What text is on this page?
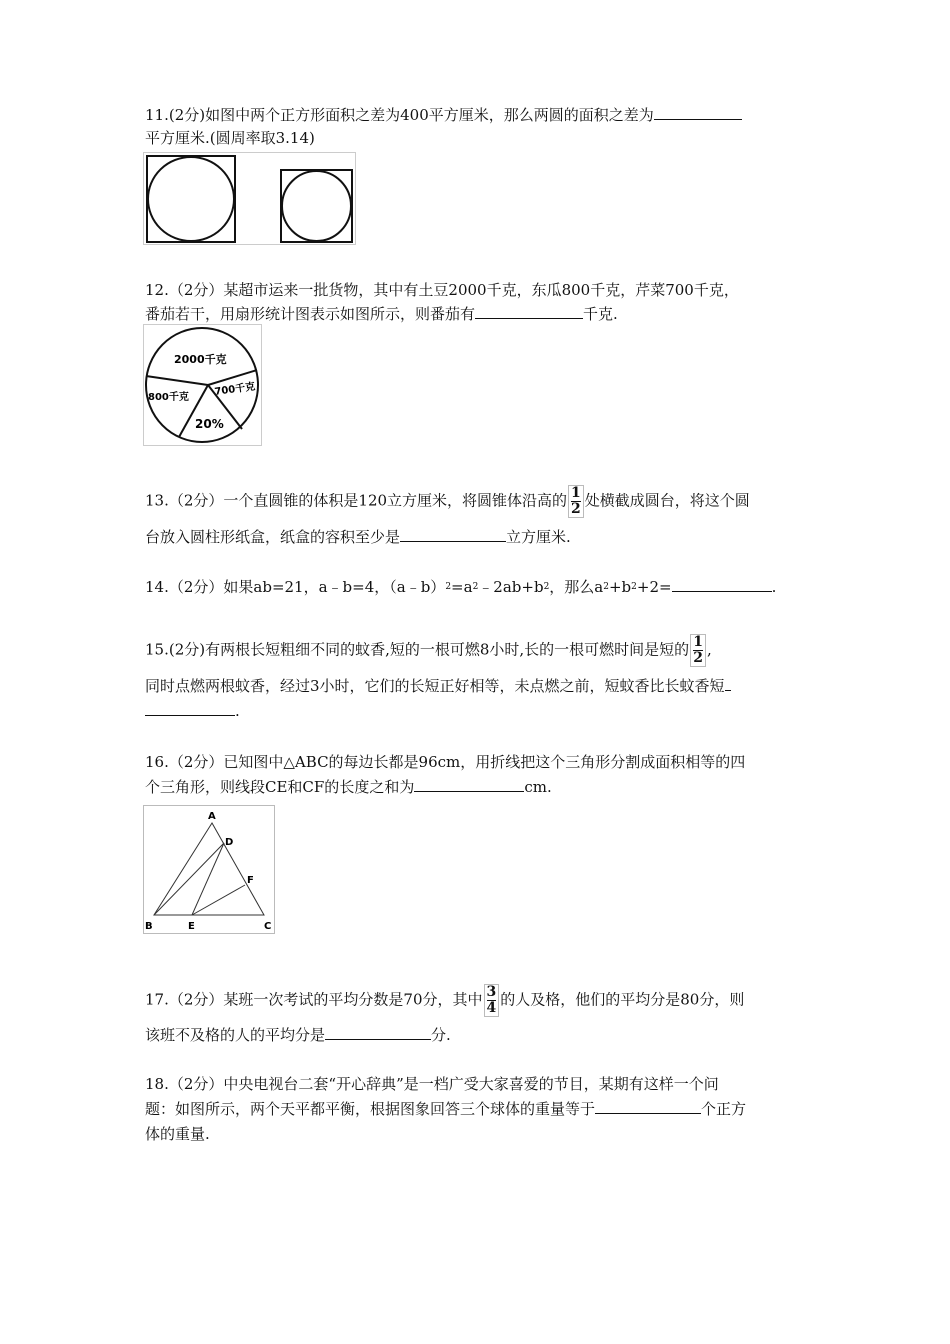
11.(2分)如图中两个正方形面积之差为400平方厘米，那么两圆的面积之差为
平方厘米.(圆周率取3.14)
12.（2分）某超市运来一批货物，其中有土豆2000千克，东瓜800千克，芹菜700千克，
番茄若干，用扇形统计图表示如图所示，则番茄有	千克.
2000千克
800千克	700千克
20%
13.（2分）一个直圆锥的体积是120立方厘米，将圆锥体沿高的 $\frac{1}{2}$ 处横截成圆台，将这个圆
台放入圆柱形纸盒，纸盒的容积至少是	立方厘米.
14.（2分）如果ab=21，a﹣b=4，$(a﹣b)^2=a^2﹣2ab+b^2$，那么$a^2+b^2+2=$	.
15.(2分)有两根长短粗细不同的蚊香,短的一根可燃8小时,长的一根可燃时间是短的 $\frac{1}{2}$ ,
同时点燃两根蚊香，经过3小时，它们的长短正好相等，未点燃之前，短蚊香比长蚊香短
.
16.（2分）已知图中△ABC的每边长都是96cm，用折线把这个三角形分割成面积相等的四
个三角形，则线段CE和CF的长度之和为	cm.
A
D
F
B	E	C
17.（2分）某班一次考试的平均分数是70分，其中 $\frac{3}{4}$ 的人及格，他们的平均分是80分，则
该班不及格的人的平均分是	分.
18.（2分）中央电视台二套“开心辞典”是一档广受大家喜爱的节目，某期有这样一个问
题：如图所示，两个天平都平衡，根据图象回答三个球体的重量等于	个正方
体的重量.
